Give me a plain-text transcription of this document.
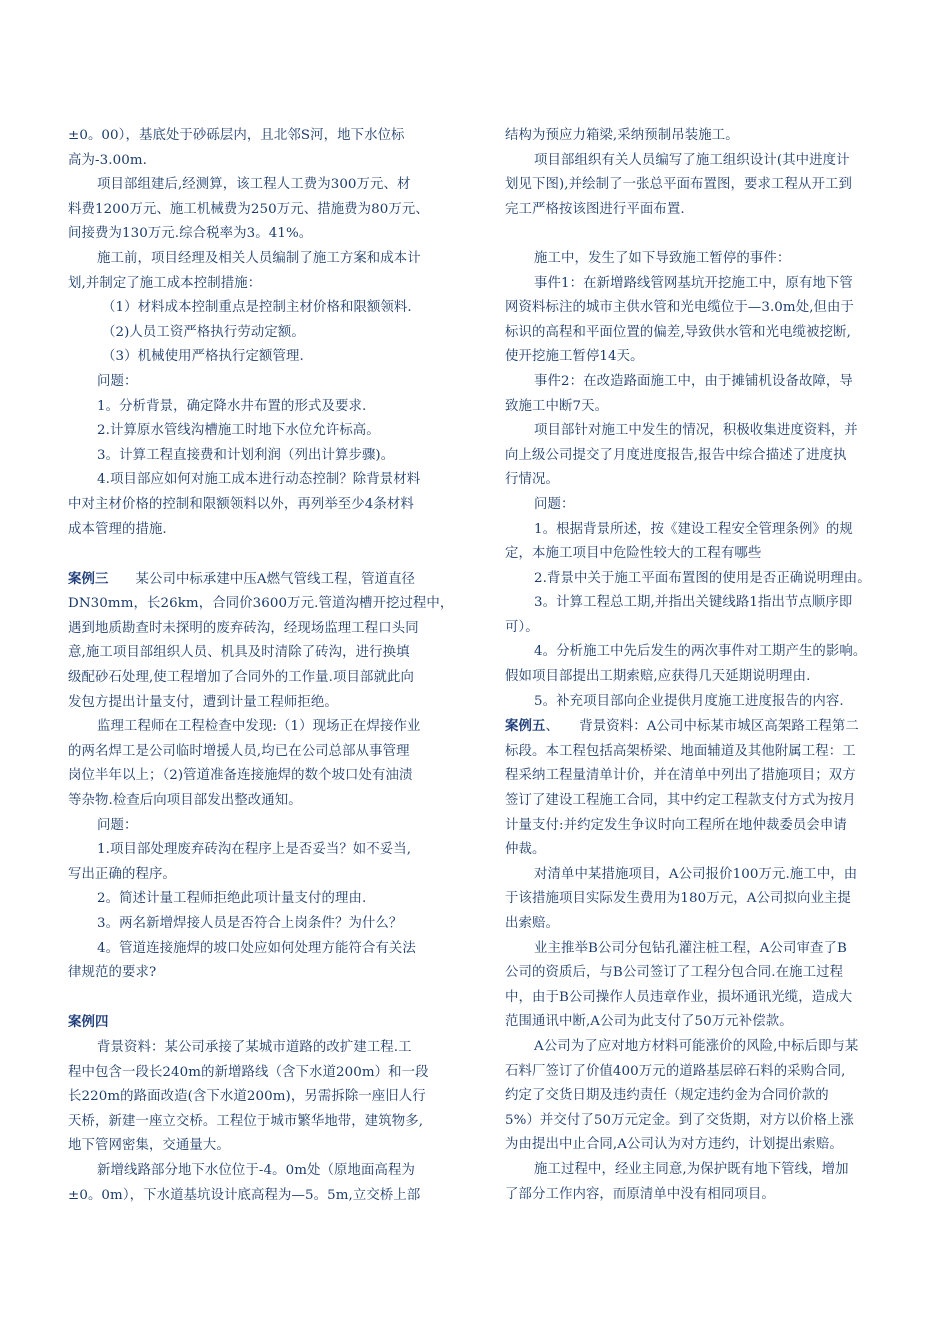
±0。00），基底处于砂砾层内，且北邻S河，地下水位标
高为-3.00m.
项目部组建后,经测算，该工程人工费为300万元、材
料费1200万元、施工机械费为250万元、措施费为80万元、
间接费为130万元.综合税率为3。41%。
施工前，项目经理及相关人员编制了施工方案和成本计
划,并制定了施工成本控制措施：
（1）材料成本控制重点是控制主材价格和限额领料.
（2)人员工资严格执行劳动定额。
（3）机械使用严格执行定额管理.
问题：
1。分析背景，确定降水井布置的形式及要求.
2.计算原水管线沟槽施工时地下水位允许标高。
3。计算工程直接费和计划利润（列出计算步骤)。
4.项目部应如何对施工成本进行动态控制？除背景材料
中对主材价格的控制和限额领料以外，再列举至少4条材料
成本管理的措施.
案例三　　 某公司中标承建中压A燃气管线工程，管道直径
DN30mm，长26km，合同价3600万元.管道沟槽开挖过程中，
遇到地质勘查时未探明的废弃砖沟，经现场监理工程口头同
意,施工项目部组织人员、机具及时清除了砖沟，进行换填
级配砂石处理,使工程增加了合同外的工作量.项目部就此向
发包方提出计量支付，遭到计量工程师拒绝。
监理工程师在工程检查中发现:（1）现场正在焊接作业
的两名焊工是公司临时增援人员,均已在公司总部从事管理
岗位半年以上；（2)管道准备连接施焊的数个坡口处有油渍
等杂物.检查后向项目部发出整改通知。
问题：
1.项目部处理废弃砖沟在程序上是否妥当？如不妥当,
写出正确的程序。
2。简述计量工程师拒绝此项计量支付的理由.
3。两名新增焊接人员是否符合上岗条件？为什么？
4。管道连接施焊的坡口处应如何处理方能符合有关法
律规范的要求?
案例四
背景资料：某公司承接了某城市道路的改扩建工程.工
程中包含一段长240m的新增路线（含下水道200m）和一段
长220m的路面改造(含下水道200m)，另需拆除一座旧人行
天桥，新建一座立交桥。工程位于城市繁华地带，建筑物多,
地下管网密集，交通量大。
新增线路部分地下水位位于-4。0m处（原地面高程为
±0。0m），下水道基坑设计底高程为—5。5m,立交桥上部
结构为预应力箱梁,采纳预制吊装施工。
项目部组织有关人员编写了施工组织设计(其中进度计
划见下图),并绘制了一张总平面布置图，要求工程从开工到
完工严格按该图进行平面布置.
施工中，发生了如下导致施工暂停的事件：
事件1：在新增路线管网基坑开挖施工中，原有地下管
网资料标注的城市主供水管和光电缆位于—3.0m处,但由于
标识的高程和平面位置的偏差,导致供水管和光电缆被挖断,
使开挖施工暂停14天。
事件2：在改造路面施工中，由于摊铺机设备故障，导
致施工中断7天。
项目部针对施工中发生的情况，积极收集进度资料，并
向上级公司提交了月度进度报告,报告中综合描述了进度执
行情况。
问题：
1。根据背景所述，按《建设工程安全管理条例》的规
定，本施工项目中危险性较大的工程有哪些
2.背景中关于施工平面布置图的使用是否正确说明理由。
3。计算工程总工期,并指出关键线路1指出节点顺序即
可）。
4。分析施工中先后发生的两次事件对工期产生的影响。
假如项目部提出工期索赔,应获得几天延期说明理由.
5。补充项目部向企业提供月度施工进度报告的内容.
案例五、　　背景资料：A公司中标某市城区高架路工程第二
标段。本工程包括高架桥梁、地面辅道及其他附属工程：工
程采纳工程量清单计价，并在清单中列出了措施项目；双方
签订了建设工程施工合同，其中约定工程款支付方式为按月
计量支付:并约定发生争议时向工程所在地仲裁委员会申请
仲裁。
对清单中某措施项目，A公司报价100万元.施工中，由
于该措施项目实际发生费用为180万元，A公司拟向业主提
出索赔。
业主推举B公司分包钻孔灌注桩工程，A公司审查了B
公司的资质后，与B公司签订了工程分包合同.在施工过程
中，由于B公司操作人员违章作业，损坏通讯光缆，造成大
范围通讯中断,A公司为此支付了50万元补偿款。
A公司为了应对地方材料可能涨价的风险,中标后即与某
石料厂签订了价值400万元的道路基层碎石料的采购合同,
约定了交货日期及违约责任（规定违约金为合同价款的
5%）并交付了50万元定金。到了交货期，对方以价格上涨
为由提出中止合同,A公司认为对方违约，计划提出索赔。
施工过程中，经业主同意,为保护既有地下管线，增加
了部分工作内容，而原清单中没有相同项目。
